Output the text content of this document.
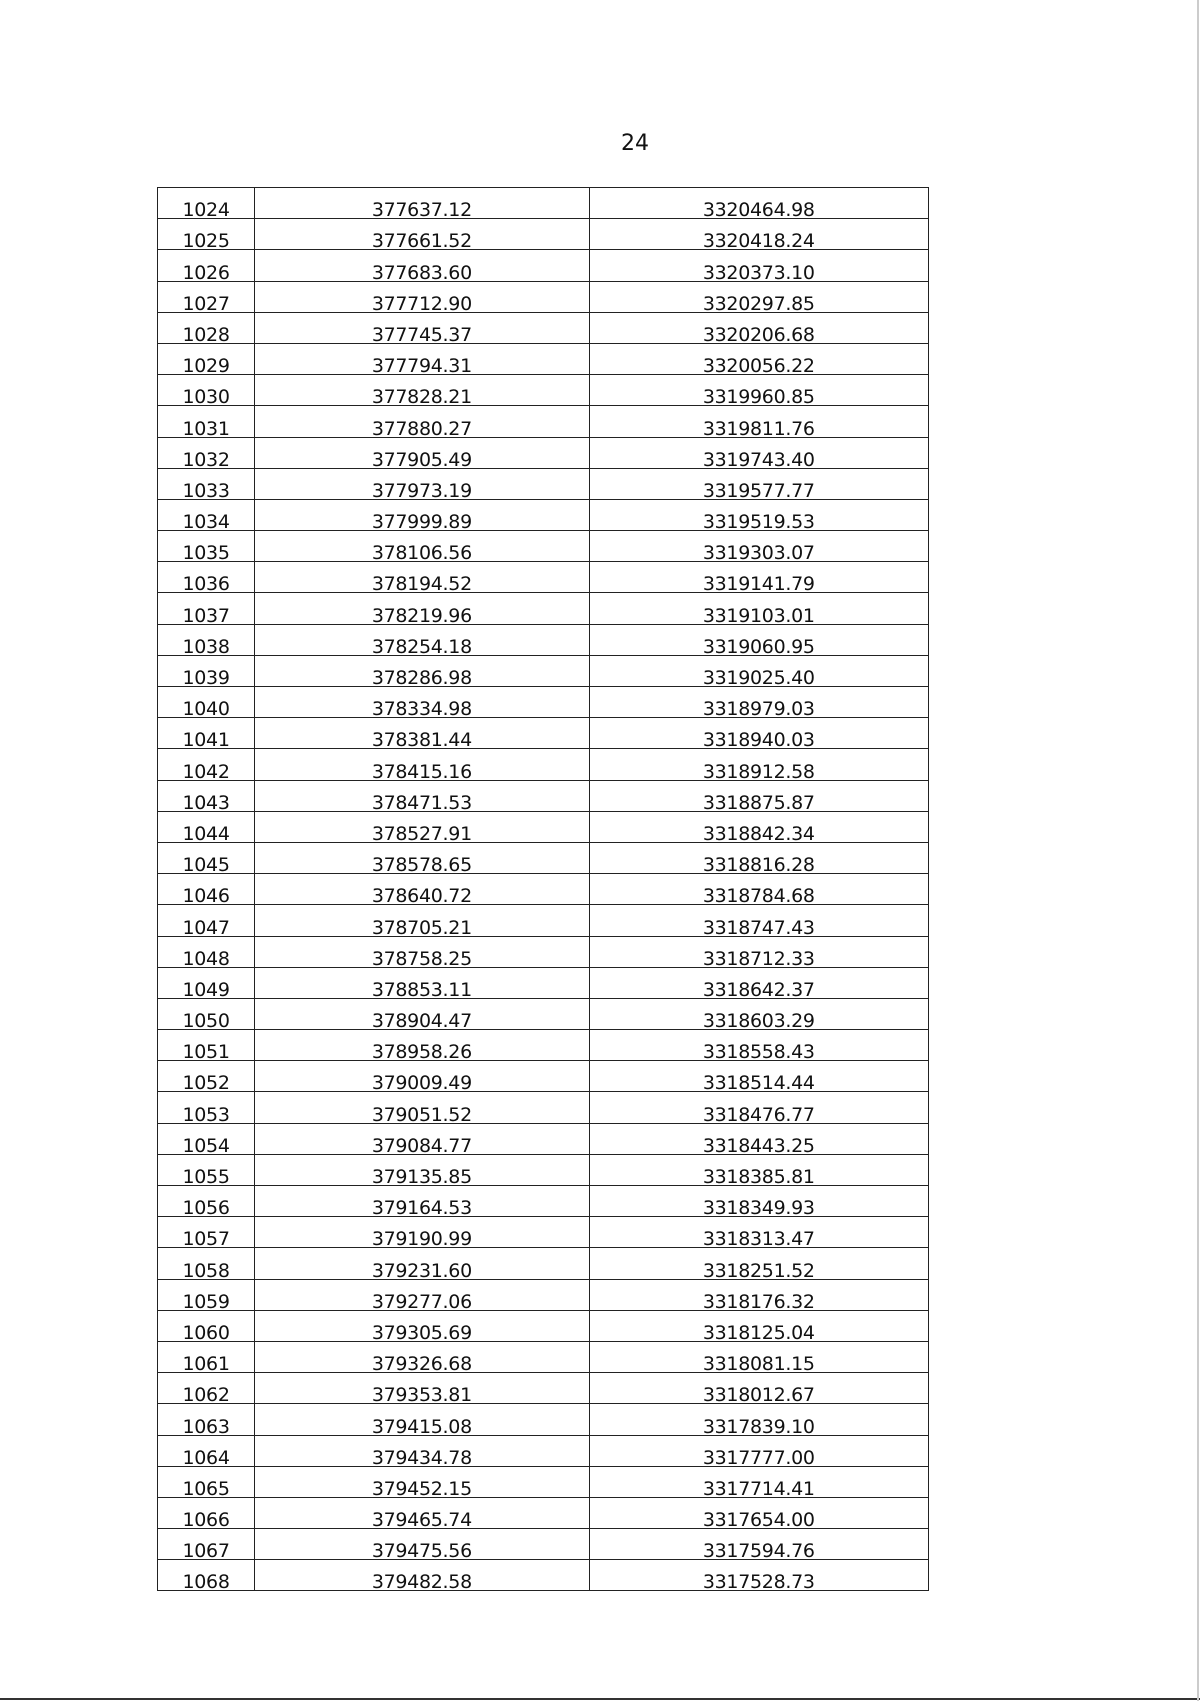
24
1024	377637.12	3320464.98
1025	377661.52	3320418.24
1026	377683.60	3320373.10
1027	377712.90	3320297.85
1028	377745.37	3320206.68
1029	377794.31	3320056.22
1030	377828.21	3319960.85
1031	377880.27	3319811.76
1032	377905.49	3319743.40
1033	377973.19	3319577.77
1034	377999.89	3319519.53
1035	378106.56	3319303.07
1036	378194.52	3319141.79
1037	378219.96	3319103.01
1038	378254.18	3319060.95
1039	378286.98	3319025.40
1040	378334.98	3318979.03
1041	378381.44	3318940.03
1042	378415.16	3318912.58
1043	378471.53	3318875.87
1044	378527.91	3318842.34
1045	378578.65	3318816.28
1046	378640.72	3318784.68
1047	378705.21	3318747.43
1048	378758.25	3318712.33
1049	378853.11	3318642.37
1050	378904.47	3318603.29
1051	378958.26	3318558.43
1052	379009.49	3318514.44
1053	379051.52	3318476.77
1054	379084.77	3318443.25
1055	379135.85	3318385.81
1056	379164.53	3318349.93
1057	379190.99	3318313.47
1058	379231.60	3318251.52
1059	379277.06	3318176.32
1060	379305.69	3318125.04
1061	379326.68	3318081.15
1062	379353.81	3318012.67
1063	379415.08	3317839.10
1064	379434.78	3317777.00
1065	379452.15	3317714.41
1066	379465.74	3317654.00
1067	379475.56	3317594.76
1068	379482.58	3317528.73
